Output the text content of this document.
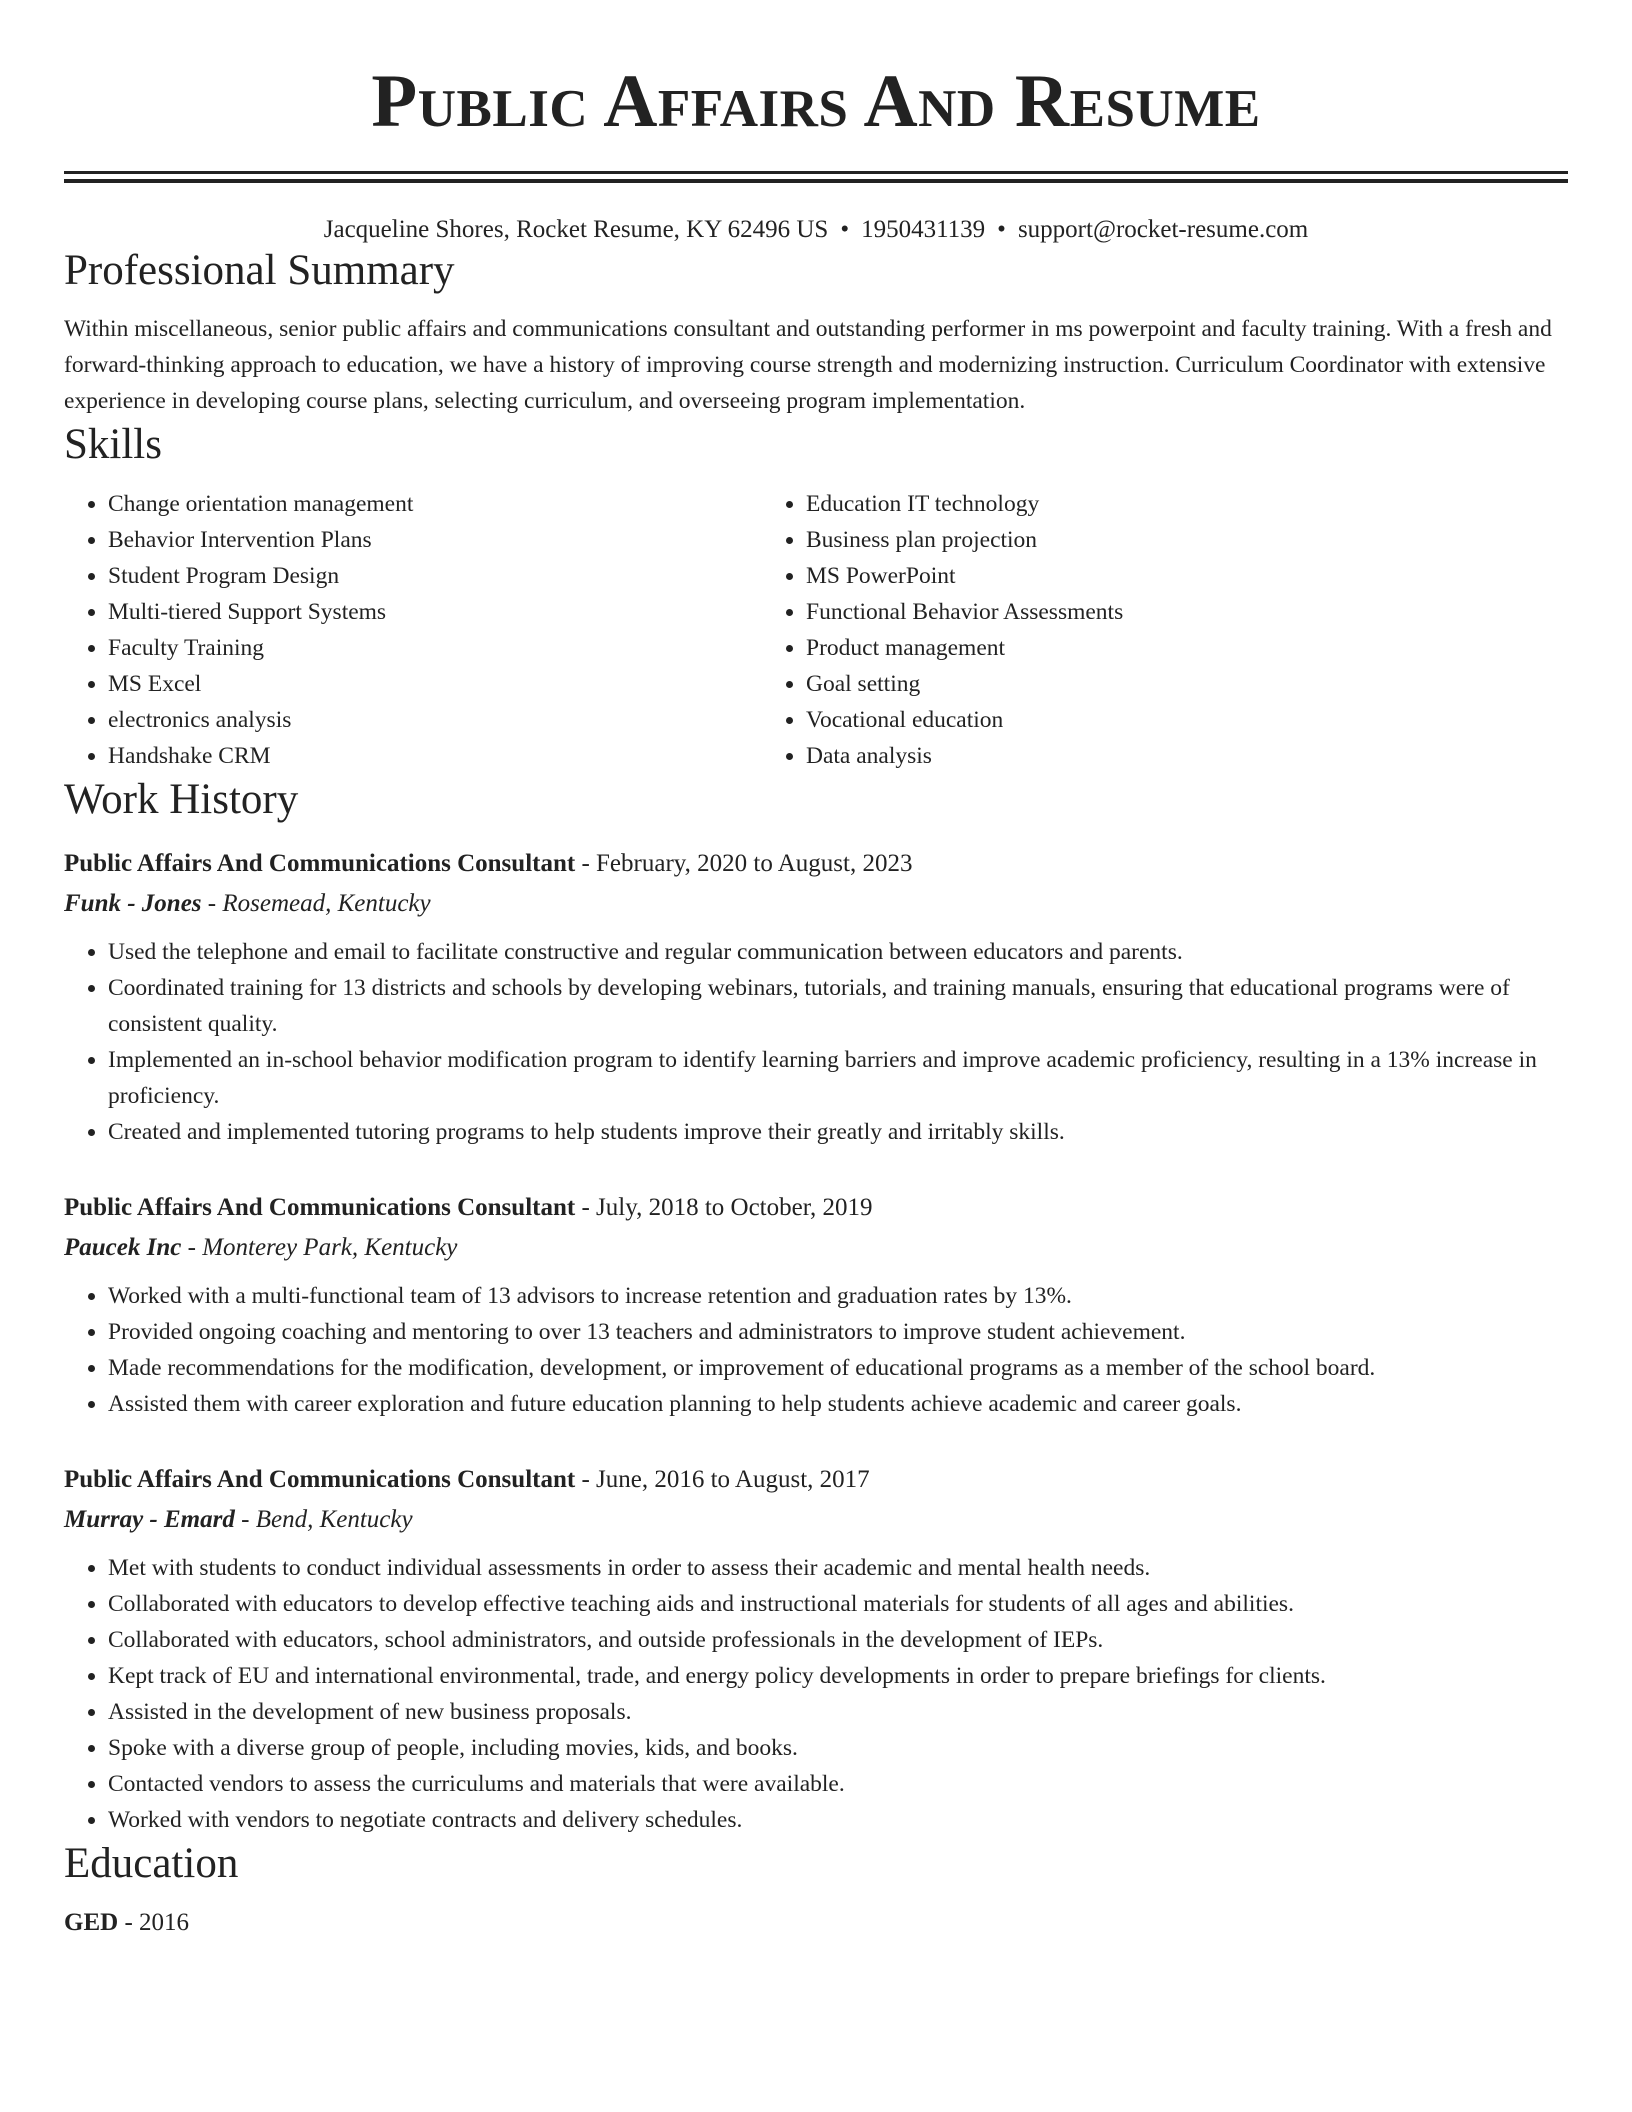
Public Affairs And Resume
Jacqueline Shores, Rocket Resume, KY 62496 US • 1950431139 • support@rocket-resume.com
Professional Summary

Within miscellaneous, senior public affairs and communications consultant and outstanding performer in ms powerpoint and faculty training. With a fresh and forward-thinking approach to education, we have a history of improving course strength and modernizing instruction. Curriculum Coordinator with extensive experience in developing course plans, selecting curriculum, and overseeing program implementation.

Skills
• Change orientation management
• Behavior Intervention Plans
• Student Program Design
• Multi-tiered Support Systems
• Faculty Training
• MS Excel
• electronics analysis
• Handshake CRM
• Education IT technology
• Business plan projection
• MS PowerPoint
• Functional Behavior Assessments
• Product management
• Goal setting
• Vocational education
• Data analysis
Work History
Public Affairs And Communications Consultant - February, 2020 to August, 2023
Funk - Jones - Rosemead, Kentucky
• Used the telephone and email to facilitate constructive and regular communication between educators and parents.
• Coordinated training for 13 districts and schools by developing webinars, tutorials, and training manuals, ensuring that educational programs were of consistent quality.
• Implemented an in-school behavior modification program to identify learning barriers and improve academic proficiency, resulting in a 13% increase in proficiency.
• Created and implemented tutoring programs to help students improve their greatly and irritably skills.
Public Affairs And Communications Consultant - July, 2018 to October, 2019
Paucek Inc - Monterey Park, Kentucky
• Worked with a multi-functional team of 13 advisors to increase retention and graduation rates by 13%.
• Provided ongoing coaching and mentoring to over 13 teachers and administrators to improve student achievement.
• Made recommendations for the modification, development, or improvement of educational programs as a member of the school board.
• Assisted them with career exploration and future education planning to help students achieve academic and career goals.
Public Affairs And Communications Consultant - June, 2016 to August, 2017
Murray - Emard - Bend, Kentucky
• Met with students to conduct individual assessments in order to assess their academic and mental health needs.
• Collaborated with educators to develop effective teaching aids and instructional materials for students of all ages and abilities.
• Collaborated with educators, school administrators, and outside professionals in the development of IEPs.
• Kept track of EU and international environmental, trade, and energy policy developments in order to prepare briefings for clients.
• Assisted in the development of new business proposals.
• Spoke with a diverse group of people, including movies, kids, and books.
• Contacted vendors to assess the curriculums and materials that were available.
• Worked with vendors to negotiate contracts and delivery schedules.
Education
GED - 2016
